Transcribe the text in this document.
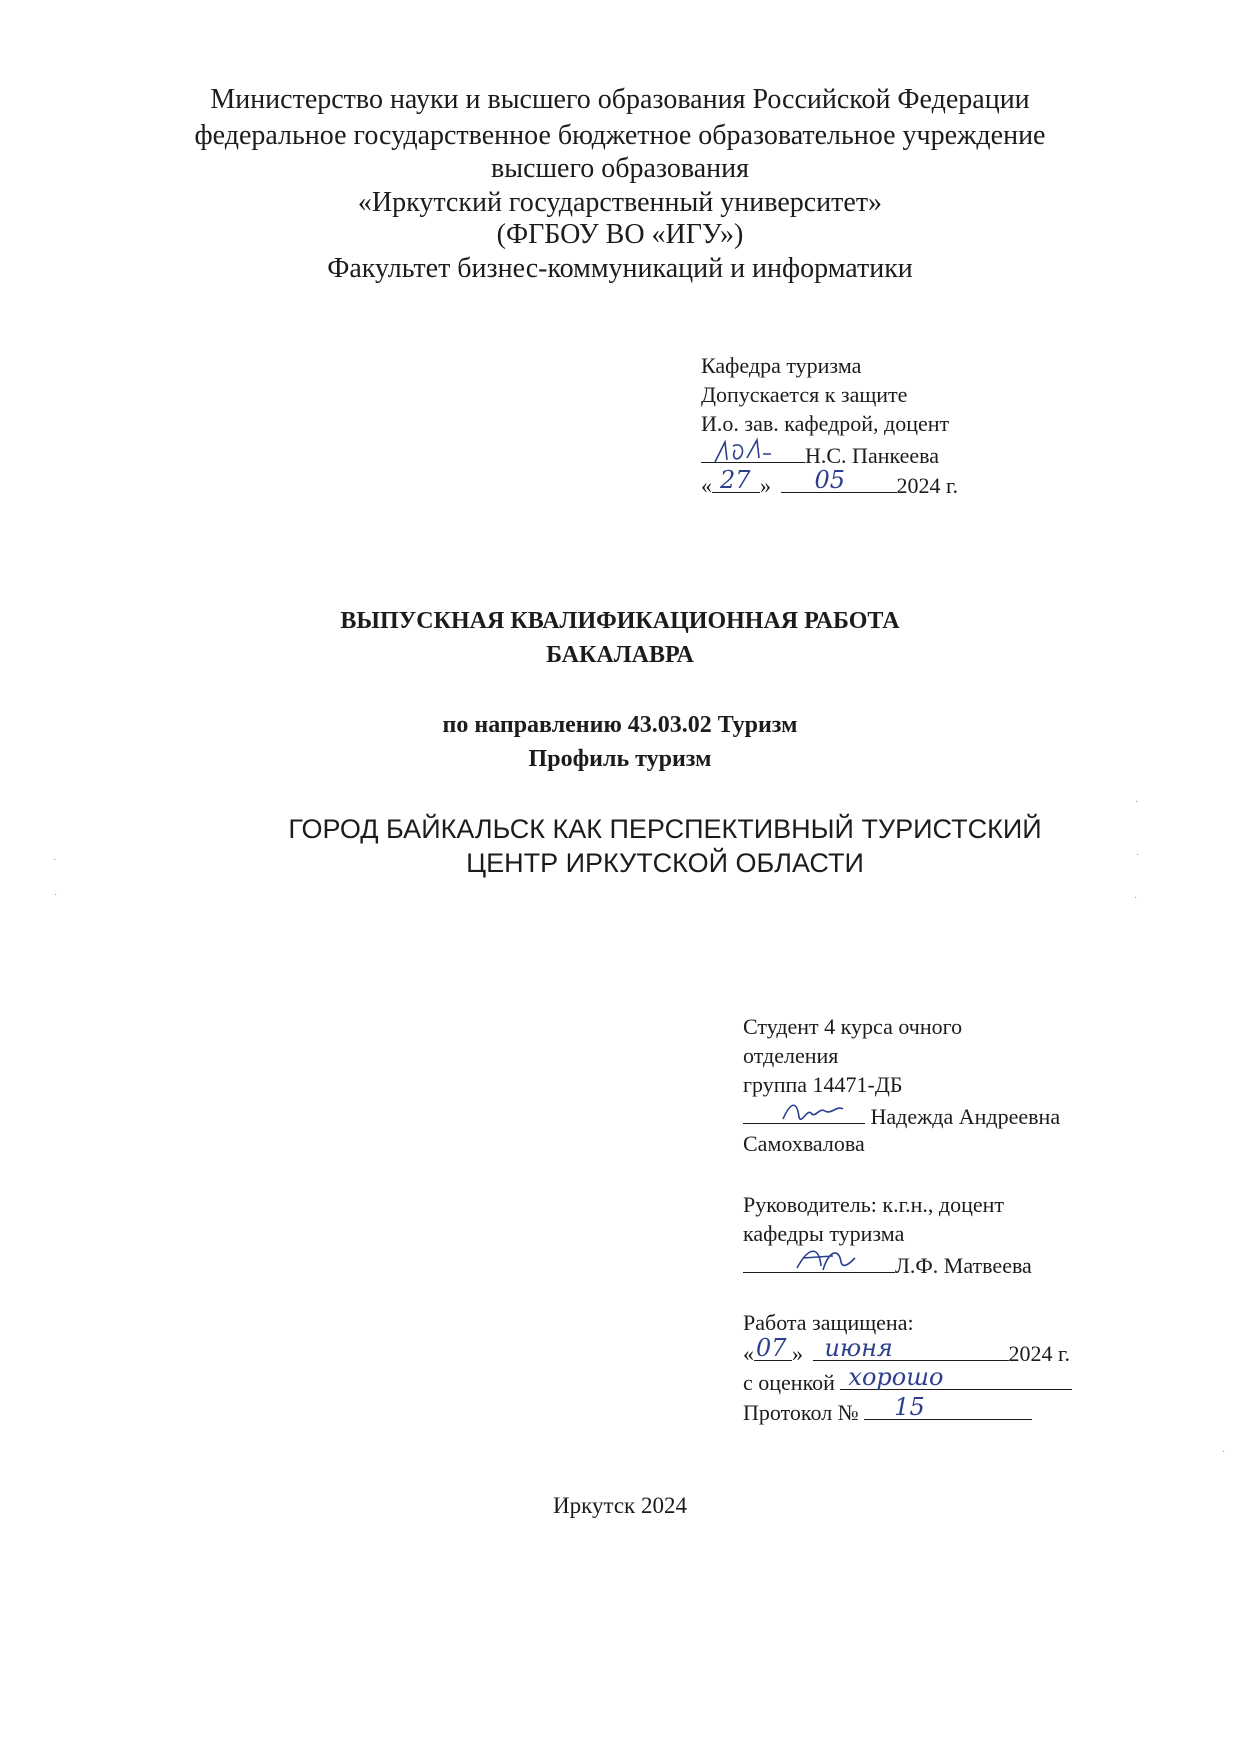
Министерство науки и высшего образования Российской Федерации
федеральное государственное бюджетное образовательное учреждение
высшего образования
«Иркутский государственный университет»
(ФГБОУ ВО «ИГУ»)
Факультет бизнес-коммуникаций и информатики
Кафедра туризма
Допускается к защите
И.о. зав. кафедрой, доцент
Н.С. Панкеева
« 27 » 05 2024 г.
ВЫПУСКНАЯ КВАЛИФИКАЦИОННАЯ РАБОТА
БАКАЛАВРА
по направлению 43.03.02 Туризм
Профиль туризм
ГОРОД БАЙКАЛЬСК КАК ПЕРСПЕКТИВНЫЙ ТУРИСТСКИЙ
ЦЕНТР ИРКУТСКОЙ ОБЛАСТИ
Студент 4 курса очного
отделения
группа 14471-ДБ
Надежда Андреевна
Самохвалова
Руководитель: к.г.н., доцент
кафедры туризма
Л.Ф. Матвеева
Работа защищена:
« 07 » июня	2024 г.
с оценкой хорошо
Протокол № 15
Иркутск 2024
·
·
·
·
·
·
